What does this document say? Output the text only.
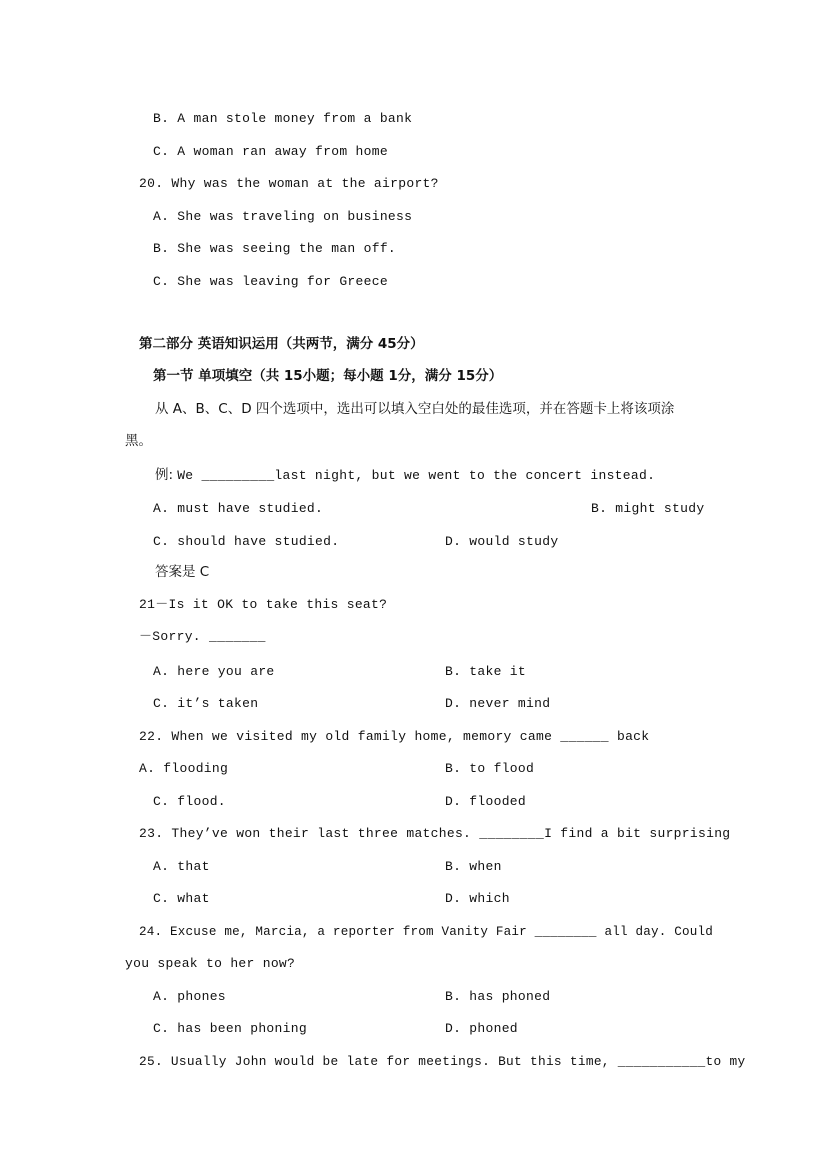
B. A man stole money from a bank
C. A woman ran away from home
20. Why was the woman at the airport?
A. She was traveling on business
B. She was seeing the man off.
C. She was leaving for Greece
第二部分 英语知识运用（共两节，满分 45分）
第一节 单项填空（共 15小题；每小题 1分，满分 15分）
从 A、B、C、D 四个选项中，选出可以填入空白处的最佳选项，并在答题卡上将该项涂
黑。
例: We _________last night, but we went to the concert instead.
A. must have studied.	B. might study
C. should have studied.	D. would study
答案是 C
21－Is it OK to take this seat?
－Sorry. _______
A. here you are	B. take it
C. it’s taken	D. never mind
22. When we visited my old family home, memory came ______ back
A. flooding	B. to flood
C. flood.	D. flooded
23. They’ve won their last three matches. ________I find a bit surprising
A. that	B. when
C. what	D. which
24. Excuse me, Marcia, a reporter from Vanity Fair ________ all day. Could
you speak to her now?
A. phones	B. has phoned
C. has been phoning	D. phoned
25. Usually John would be late for meetings. But this time, ___________to my
